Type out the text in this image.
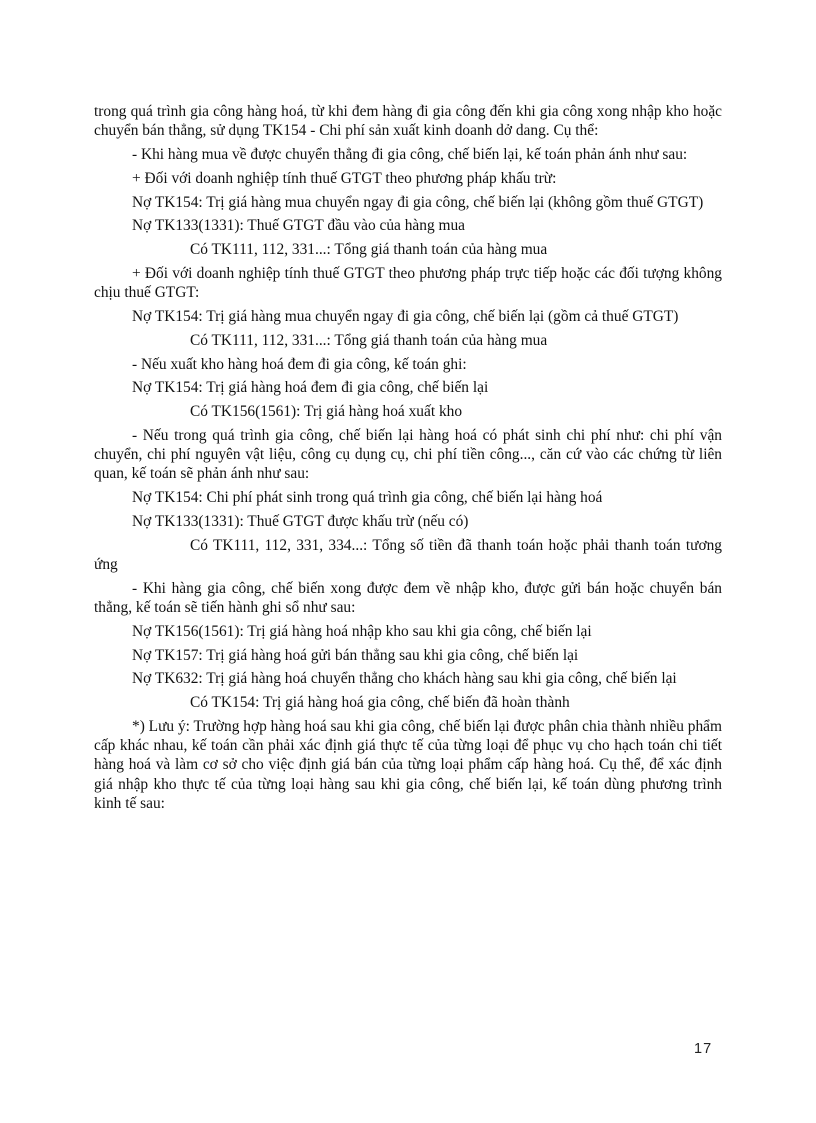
trong quá trình gia công hàng hoá, từ khi đem hàng đi gia công đến khi gia công xong nhập kho hoặc chuyển bán thẳng, sử dụng TK154 - Chi phí sản xuất kinh doanh dở dang. Cụ thể:

- Khi hàng mua về được chuyển thẳng đi gia công, chế biến lại, kế toán phản ánh như sau:

+ Đối với doanh nghiệp tính thuế GTGT theo phương pháp khấu trừ:

Nợ TK154: Trị giá hàng mua chuyển ngay đi gia công, chế biến lại (không gồm thuế GTGT)

Nợ TK133(1331): Thuế GTGT đầu vào của hàng mua

Có TK111, 112, 331...: Tổng giá thanh toán của hàng mua

+ Đối với doanh nghiệp tính thuế GTGT theo phương pháp trực tiếp hoặc các đối tượng không chịu thuế GTGT:

Nợ TK154: Trị giá hàng mua chuyển ngay đi gia công, chế biến lại (gồm cả thuế GTGT)

Có TK111, 112, 331...: Tổng giá thanh toán của hàng mua

- Nếu xuất kho hàng hoá đem đi gia công, kế toán ghi:

Nợ TK154: Trị giá hàng hoá đem đi gia công, chế biến lại

Có TK156(1561): Trị giá hàng hoá xuất kho

- Nếu trong quá trình gia công, chế biến lại hàng hoá có phát sinh chi phí như: chi phí vận chuyển, chi phí nguyên vật liệu, công cụ dụng cụ, chi phí tiền công..., căn cứ vào các chứng từ liên quan, kế toán sẽ phản ánh như sau:

Nợ TK154: Chi phí phát sinh trong quá trình gia công, chế biến lại hàng hoá

Nợ TK133(1331): Thuế GTGT được khấu trừ (nếu có)

Có TK111, 112, 331, 334...: Tổng số tiền đã thanh toán hoặc phải thanh toán tương ứng

- Khi hàng gia công, chế biến xong được đem về nhập kho, được gửi bán hoặc chuyển bán thẳng, kế toán sẽ tiến hành ghi sổ như sau:

Nợ TK156(1561): Trị giá hàng hoá nhập kho sau khi gia công, chế biến lại

Nợ TK157: Trị giá hàng hoá gửi bán thẳng sau khi gia công, chế biến lại

Nợ TK632: Trị giá hàng hoá chuyển thẳng cho khách hàng sau khi gia công, chế biến lại

Có TK154: Trị giá hàng hoá gia công, chế biến đã hoàn thành

*) Lưu ý: Trường hợp hàng hoá sau khi gia công, chế biến lại được phân chia thành nhiều phẩm cấp khác nhau, kế toán cần phải xác định giá thực tế của từng loại để phục vụ cho hạch toán chi tiết hàng hoá và làm cơ sở cho việc định giá bán của từng loại phẩm cấp hàng hoá. Cụ thể, để xác định giá nhập kho thực tế của từng loại hàng sau khi gia công, chế biến lại, kế toán dùng phương trình kinh tế sau:

17
